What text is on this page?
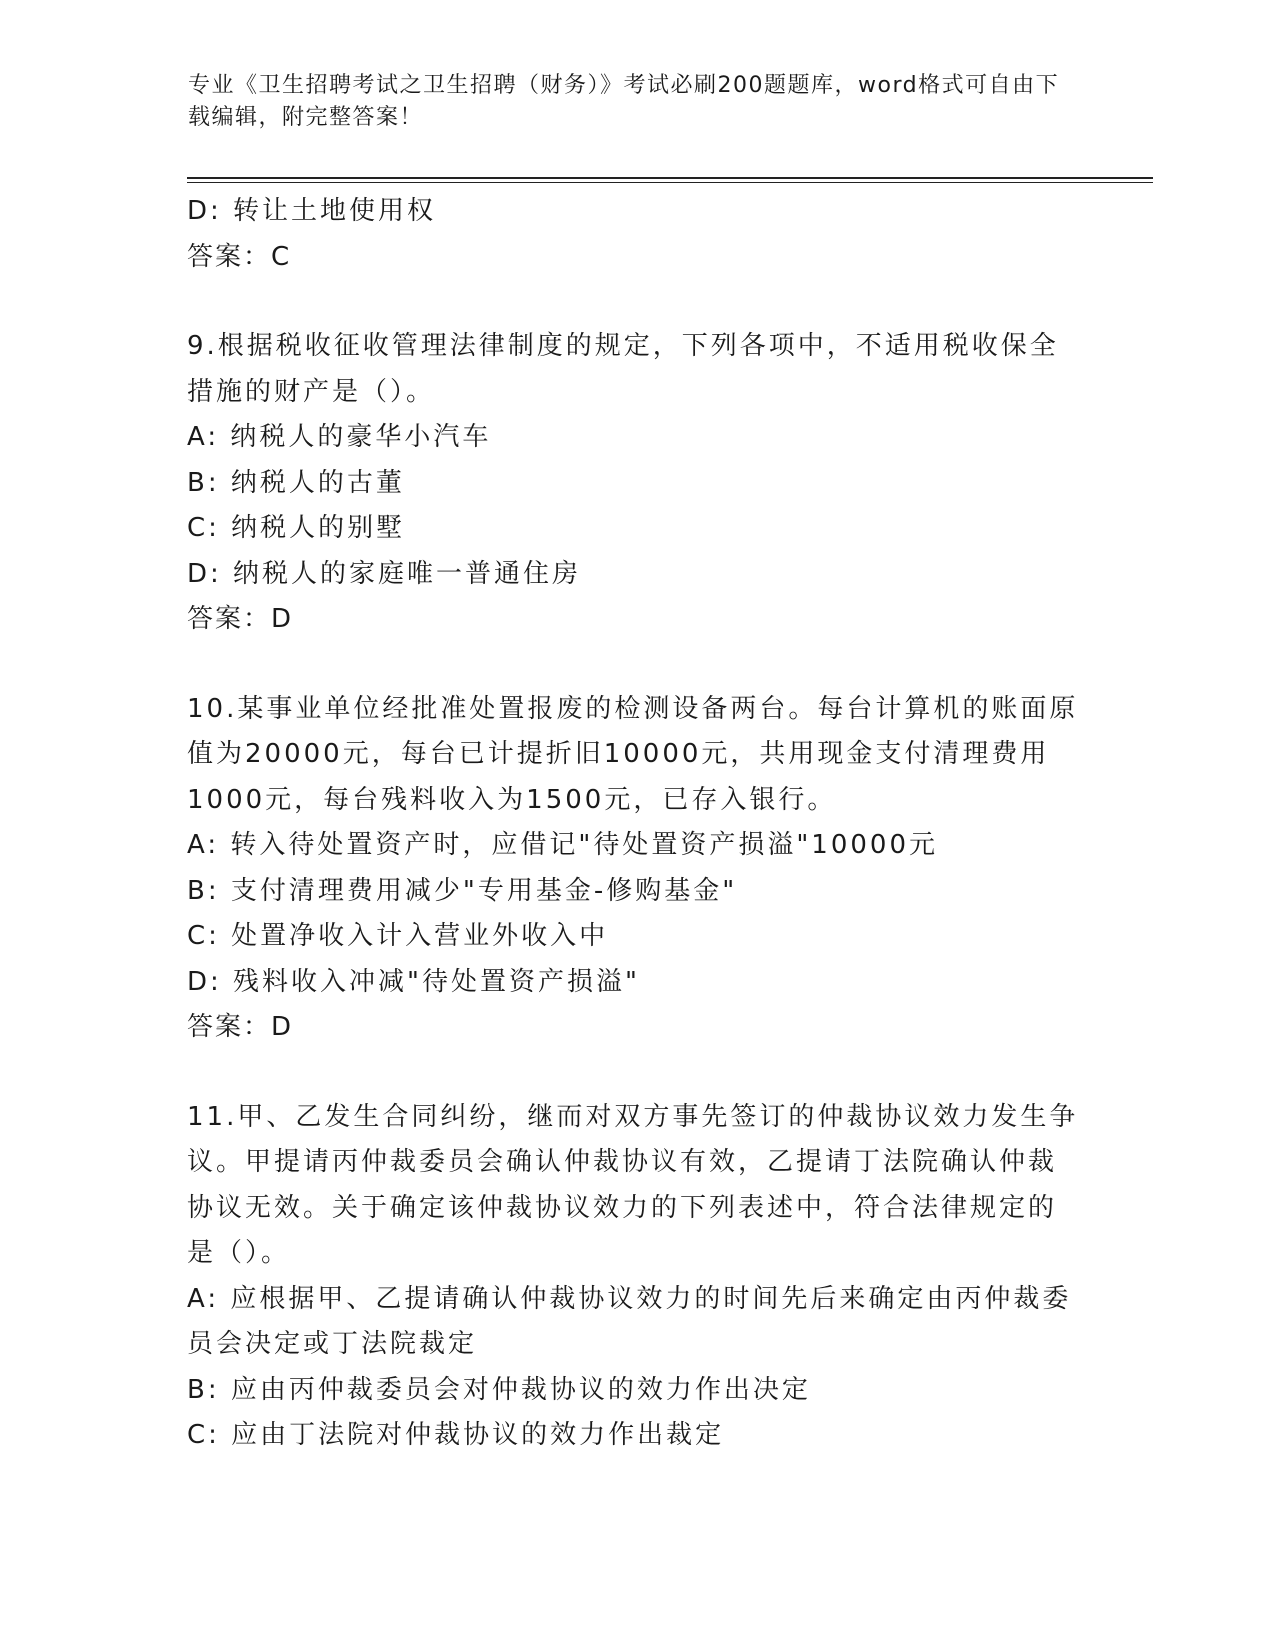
专业《卫生招聘考试之卫生招聘（财务）》考试必刷200题题库，word格式可自由下载编辑，附完整答案！

D: 转让土地使用权

答案：C

9.根据税收征收管理法律制度的规定，下列各项中，不适用税收保全

措施的财产是（）。

A: 纳税人的豪华小汽车

B: 纳税人的古董

C: 纳税人的别墅

D: 纳税人的家庭唯一普通住房

答案：D

10.某事业单位经批准处置报废的检测设备两台。每台计算机的账面原

值为20000元，每台已计提折旧10000元，共用现金支付清理费用

1000元，每台残料收入为1500元，已存入银行。

A: 转入待处置资产时，应借记"待处置资产损溢"10000元

B: 支付清理费用减少"专用基金-修购基金"

C: 处置净收入计入营业外收入中

D: 残料收入冲减"待处置资产损溢"

答案：D

11.甲、乙发生合同纠纷，继而对双方事先签订的仲裁协议效力发生争

议。甲提请丙仲裁委员会确认仲裁协议有效，乙提请丁法院确认仲裁

协议无效。关于确定该仲裁协议效力的下列表述中，符合法律规定的

是（）。

A: 应根据甲、乙提请确认仲裁协议效力的时间先后来确定由丙仲裁委

员会决定或丁法院裁定

B: 应由丙仲裁委员会对仲裁协议的效力作出决定

C: 应由丁法院对仲裁协议的效力作出裁定
